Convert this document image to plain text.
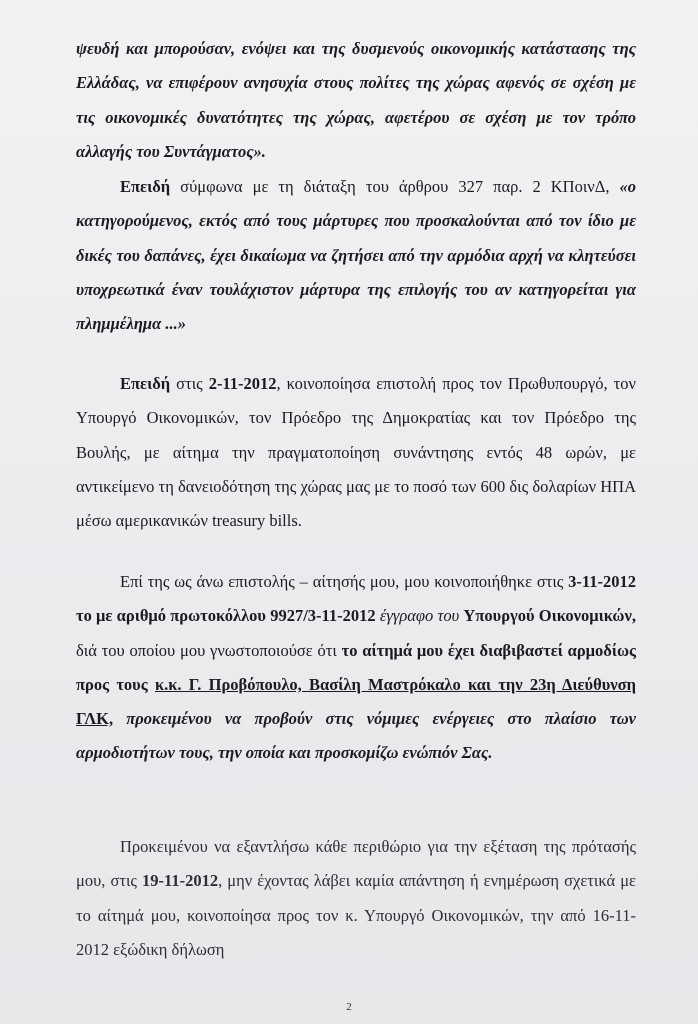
ψευδή και μπορούσαν, ενόψει και της δυσμενούς οικονομικής κατάστασης της Ελλάδας, να επιφέρουν ανησυχία στους πολίτες της χώρας αφενός σε σχέση με τις οικονομικές δυνατότητες της χώρας, αφετέρου σε σχέση με τον τρόπο αλλαγής του Συντάγματος».

Επειδή σύμφωνα με τη διάταξη του άρθρου 327 παρ. 2 ΚΠοινΔ, «ο κατηγορούμενος, εκτός από τους μάρτυρες που προσκαλούνται από τον ίδιο με δικές του δαπάνες, έχει δικαίωμα να ζητήσει από την αρμόδια αρχή να κλητεύσει υποχρεωτικά έναν τουλάχιστον μάρτυρα της επιλογής του αν κατηγορείται για πλημμέλημα ...»

Επειδή στις 2-11-2012, κοινοποίησα επιστολή προς τον Πρωθυπουργό, τον Υπουργό Οικονομικών, τον Πρόεδρο της Δημοκρατίας και τον Πρόεδρο της Βουλής, με αίτημα την πραγματοποίηση συνάντησης εντός 48 ωρών, με αντικείμενο τη δανειοδότηση της χώρας μας με το ποσό των 600 δις δολαρίων ΗΠΑ μέσω αμερικανικών treasury bills.

Επί της ως άνω επιστολής – αίτησής μου, μου κοινοποιήθηκε στις 3-11-2012 το με αριθμό πρωτοκόλλου 9927/3-11-2012 έγγραφο του Υπουργού Οικονομικών, διά του οποίου μου γνωστοποιούσε ότι το αίτημά μου έχει διαβιβαστεί αρμοδίως προς τους κ.κ. Γ. Προβόπουλο, Βασίλη Μαστρόκαλο και την 23η Διεύθυνση ΓΛΚ, προκειμένου να προβούν στις νόμιμες ενέργειες στο πλαίσιο των αρμοδιοτήτων τους, την οποία και προσκομίζω ενώπιόν Σας.

Προκειμένου να εξαντλήσω κάθε περιθώριο για την εξέταση της πρότασής μου, στις 19-11-2012, μην έχοντας λάβει καμία απάντηση ή ενημέρωση σχετικά με το αίτημά μου, κοινοποίησα προς τον κ. Υπουργό Οικονομικών, την από 16-11-2012 εξώδικη δήλωση

2
